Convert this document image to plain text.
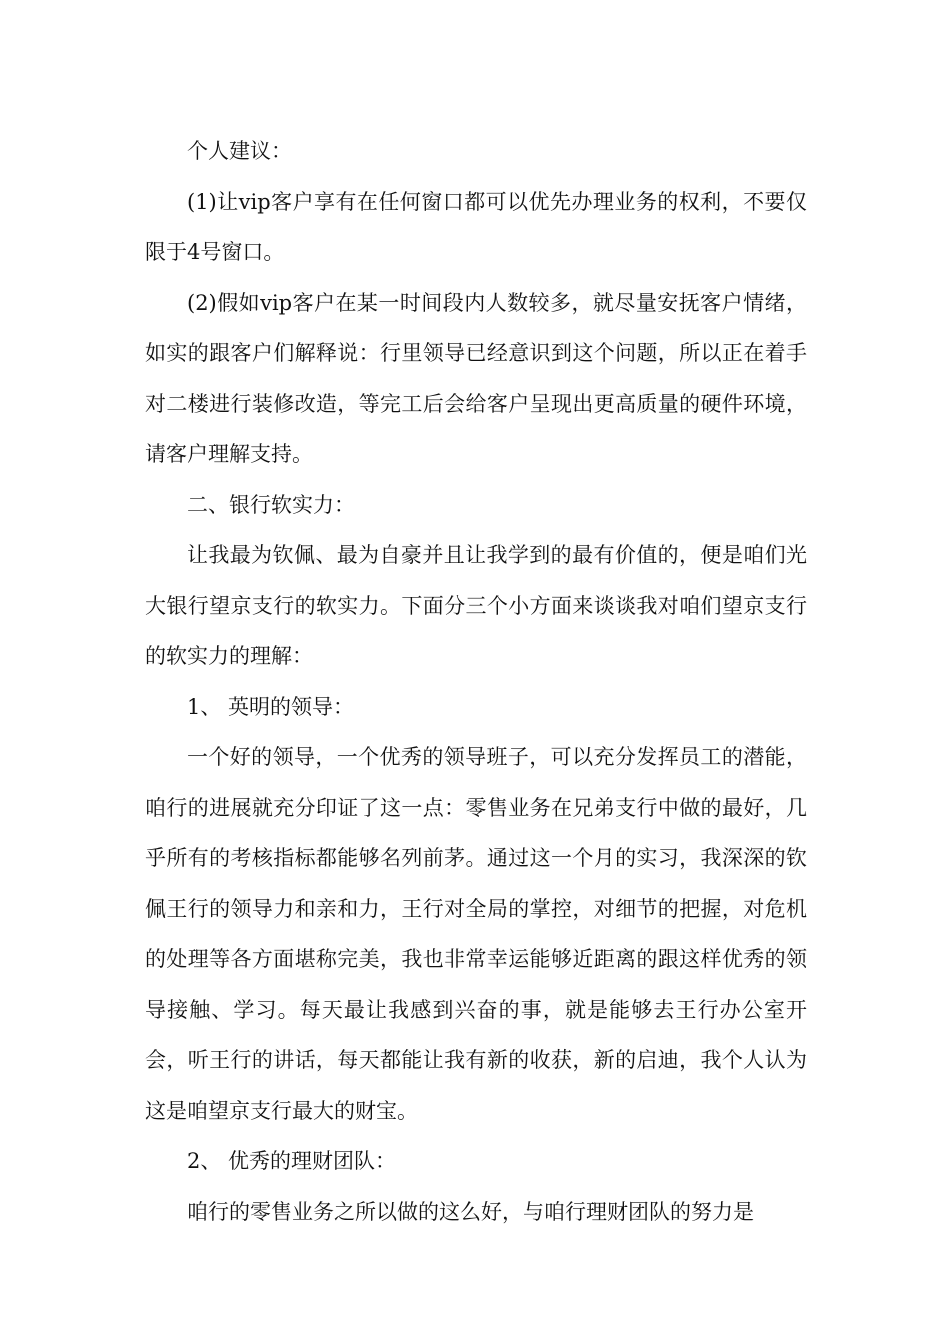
个人建议：

(1)让vip客户享有在任何窗口都可以优先办理业务的权利，不要仅限于4号窗口。

(2)假如vip客户在某一时间段内人数较多，就尽量安抚客户情绪，如实的跟客户们解释说：行里领导已经意识到这个问题，所以正在着手对二楼进行装修改造，等完工后会给客户呈现出更高质量的硬件环境，请客户理解支持。

二、银行软实力：

让我最为钦佩、最为自豪并且让我学到的最有价值的，便是咱们光大银行望京支行的软实力。下面分三个小方面来谈谈我对咱们望京支行的软实力的理解：

1、 英明的领导：

一个好的领导，一个优秀的领导班子，可以充分发挥员工的潜能，咱行的进展就充分印证了这一点：零售业务在兄弟支行中做的最好，几乎所有的考核指标都能够名列前茅。通过这一个月的实习，我深深的钦佩王行的领导力和亲和力，王行对全局的掌控，对细节的把握，对危机的处理等各方面堪称完美，我也非常幸运能够近距离的跟这样优秀的领导接触、学习。每天最让我感到兴奋的事，就是能够去王行办公室开会，听王行的讲话，每天都能让我有新的收获，新的启迪，我个人认为这是咱望京支行最大的财宝。

2、 优秀的理财团队：

咱行的零售业务之所以做的这么好，与咱行理财团队的努力是
